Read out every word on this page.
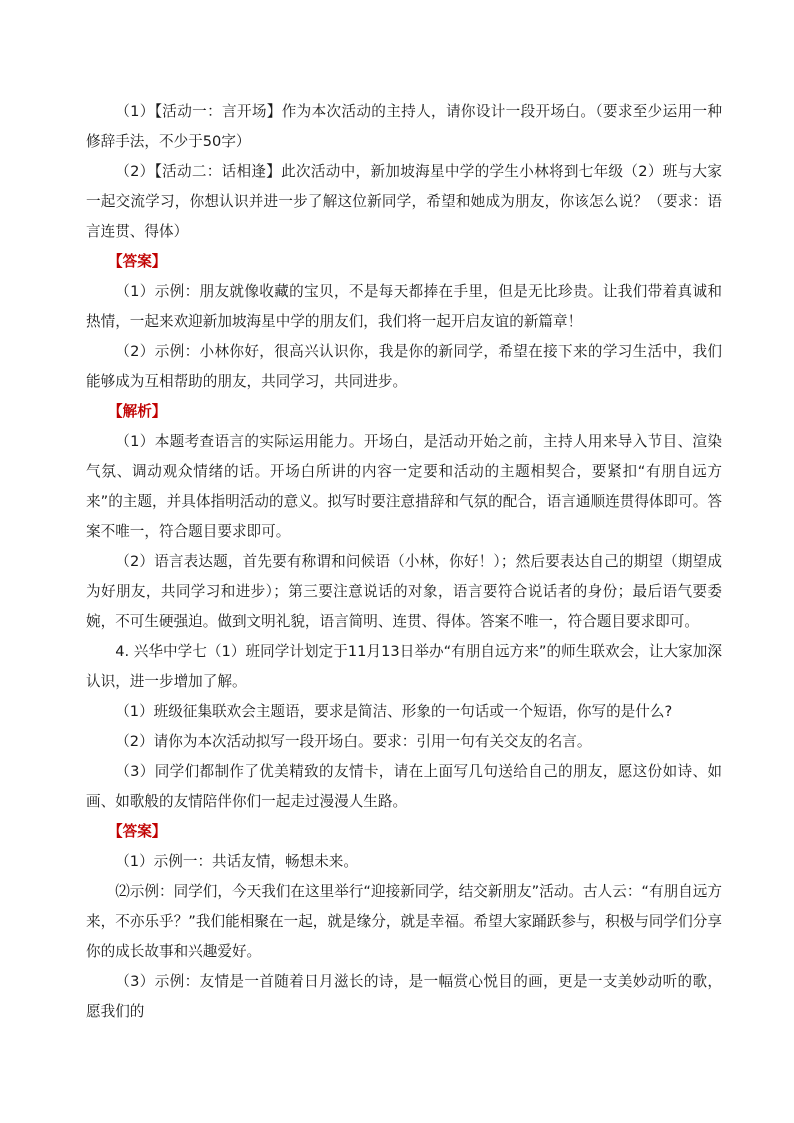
（1）【活动一：言开场】作为本次活动的主持人，请你设计一段开场白。（要求至少运用一种修辞手法，不少于50字）

（2）【活动二：话相逢】此次活动中，新加坡海星中学的学生小林将到七年级（2）班与大家一起交流学习，你想认识并进一步了解这位新同学，希望和她成为朋友，你该怎么说？（要求：语言连贯、得体）

【答案】

（1）示例：朋友就像收藏的宝贝，不是每天都捧在手里，但是无比珍贵。让我们带着真诚和热情，一起来欢迎新加坡海星中学的朋友们，我们将一起开启友谊的新篇章！

（2）示例：小林你好，很高兴认识你，我是你的新同学，希望在接下来的学习生活中，我们能够成为互相帮助的朋友，共同学习，共同进步。

【解析】

（1）本题考查语言的实际运用能力。开场白，是活动开始之前，主持人用来导入节目、渲染气氛、调动观众情绪的话。开场白所讲的内容一定要和活动的主题相契合，要紧扣“有朋自远方来”的主题，并具体指明活动的意义。拟写时要注意措辞和气氛的配合，语言通顺连贯得体即可。答案不唯一，符合题目要求即可。

（2）语言表达题，首先要有称谓和问候语（小林，你好！）；然后要表达自己的期望（期望成为好朋友，共同学习和进步）；第三要注意说话的对象，语言要符合说话者的身份；最后语气要委婉，不可生硬强迫。做到文明礼貌，语言简明、连贯、得体。答案不唯一，符合题目要求即可。

4. 兴华中学七（1）班同学计划定于11月13日举办“有朋自远方来”的师生联欢会，让大家加深认识，进一步增加了解。

（1）班级征集联欢会主题语，要求是简洁、形象的一句话或一个短语，你写的是什么?

（2）请你为本次活动拟写一段开场白。要求：引用一句有关交友的名言。

（3）同学们都制作了优美精致的友情卡，请在上面写几句送给自己的朋友，愿这份如诗、如画、如歌般的友情陪伴你们一起走过漫漫人生路。

【答案】

（1）示例一：共话友情，畅想未来。

⑵示例：同学们，今天我们在这里举行“迎接新同学，结交新朋友”活动。古人云：“有朋自远方来，不亦乐乎？”我们能相聚在一起，就是缘分，就是幸福。希望大家踊跃参与，积极与同学们分享你的成长故事和兴趣爱好。

（3）示例：友情是一首随着日月滋长的诗，是一幅赏心悦目的画，更是一支美妙动听的歌，愿我们的
